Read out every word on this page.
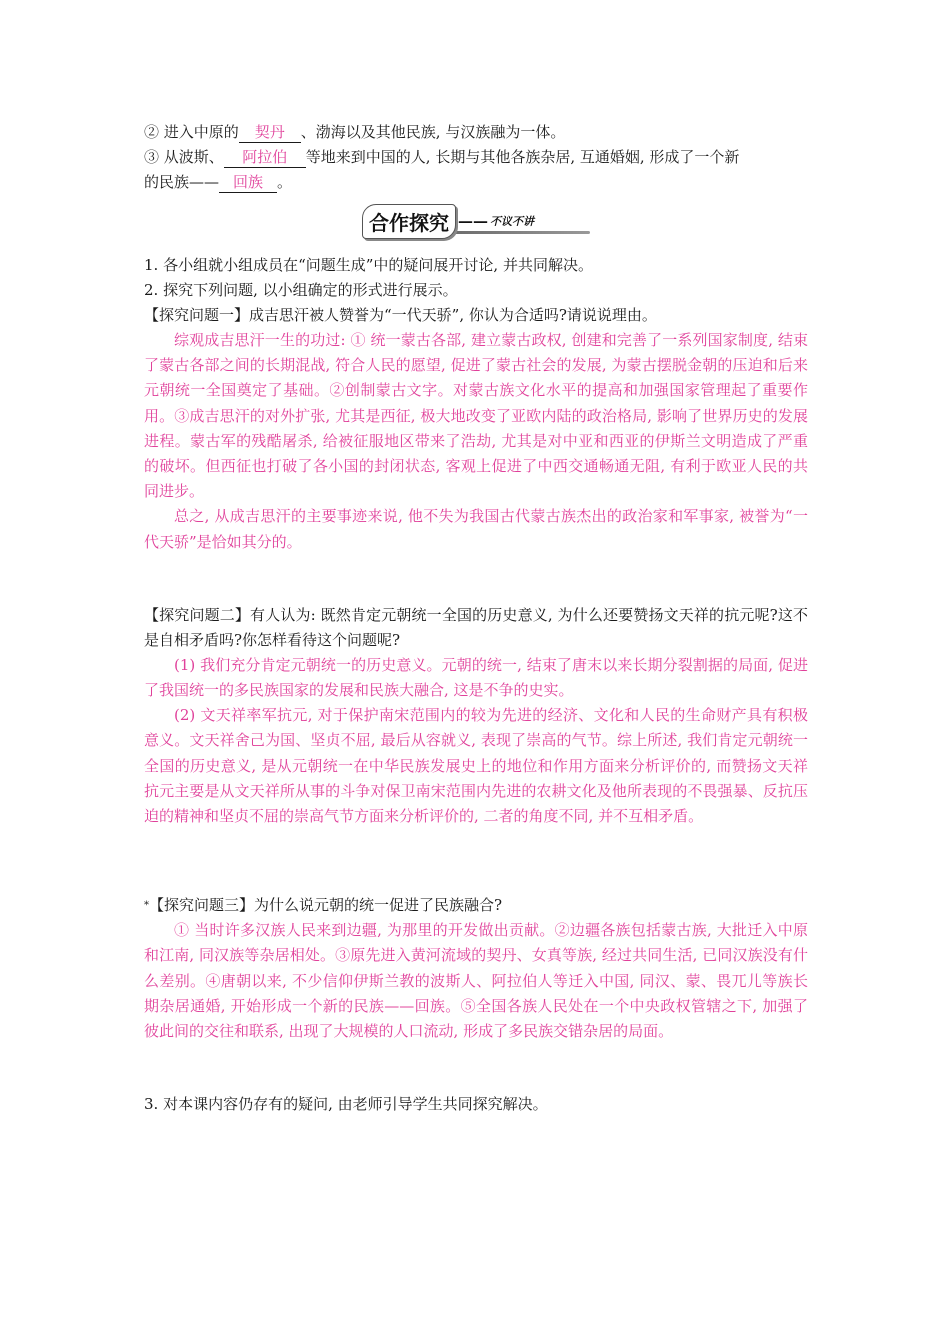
② 进入中原的 契丹 、渤海以及其他民族, 与汉族融为一体。
③ 从波斯、 阿拉伯 等地来到中国的人, 长期与其他各族杂居, 互通婚姻, 形成了一个新
的民族—— 回族 。
合作探究 —— 不议不讲
1. 各小组就小组成员在“问题生成”中的疑问展开讨论, 并共同解决。
2. 探究下列问题, 以小组确定的形式进行展示。
【探究问题一】成吉思汗被人赞誉为“一代天骄”, 你认为合适吗?请说说理由。
综观成吉思汗一生的功过: ① 统一蒙古各部, 建立蒙古政权, 创建和完善了一系列国家制度, 结束了蒙古各部之间的长期混战, 符合人民的愿望, 促进了蒙古社会的发展, 为蒙古摆脱金朝的压迫和后来元朝统一全国奠定了基础。②创制蒙古文字。对蒙古族文化水平的提高和加强国家管理起了重要作用。③成吉思汗的对外扩张, 尤其是西征, 极大地改变了亚欧内陆的政治格局, 影响了世界历史的发展进程。蒙古军的残酷屠杀, 给被征服地区带来了浩劫, 尤其是对中亚和西亚的伊斯兰文明造成了严重的破坏。但西征也打破了各小国的封闭状态, 客观上促进了中西交通畅通无阻, 有利于欧亚人民的共同进步。
总之, 从成吉思汗的主要事迹来说, 他不失为我国古代蒙古族杰出的政治家和军事家, 被誉为“一代天骄”是恰如其分的。
【探究问题二】有人认为: 既然肯定元朝统一全国的历史意义, 为什么还要赞扬文天祥的抗元呢?这不是自相矛盾吗?你怎样看待这个问题呢?
(1) 我们充分肯定元朝统一的历史意义。元朝的统一, 结束了唐末以来长期分裂割据的局面, 促进了我国统一的多民族国家的发展和民族大融合, 这是不争的史实。
(2) 文天祥率军抗元, 对于保护南宋范围内的较为先进的经济、文化和人民的生命财产具有积极意义。文天祥舍己为国、坚贞不屈, 最后从容就义, 表现了崇高的气节。综上所述, 我们肯定元朝统一全国的历史意义, 是从元朝统一在中华民族发展史上的地位和作用方面来分析评价的, 而赞扬文天祥抗元主要是从文天祥所从事的斗争对保卫南宋范围内先进的农耕文化及他所表现的不畏强暴、反抗压迫的精神和坚贞不屈的崇高气节方面来分析评价的, 二者的角度不同, 并不互相矛盾。
*【探究问题三】为什么说元朝的统一促进了民族融合?
① 当时许多汉族人民来到边疆, 为那里的开发做出贡献。②边疆各族包括蒙古族, 大批迁入中原和江南, 同汉族等杂居相处。③原先进入黄河流域的契丹、女真等族, 经过共同生活, 已同汉族没有什么差别。④唐朝以来, 不少信仰伊斯兰教的波斯人、阿拉伯人等迁入中国, 同汉、蒙、畏兀儿等族长期杂居通婚, 开始形成一个新的民族——回族。⑤全国各族人民处在一个中央政权管辖之下, 加强了彼此间的交往和联系, 出现了大规模的人口流动, 形成了多民族交错杂居的局面。
3. 对本课内容仍存有的疑问, 由老师引导学生共同探究解决。
